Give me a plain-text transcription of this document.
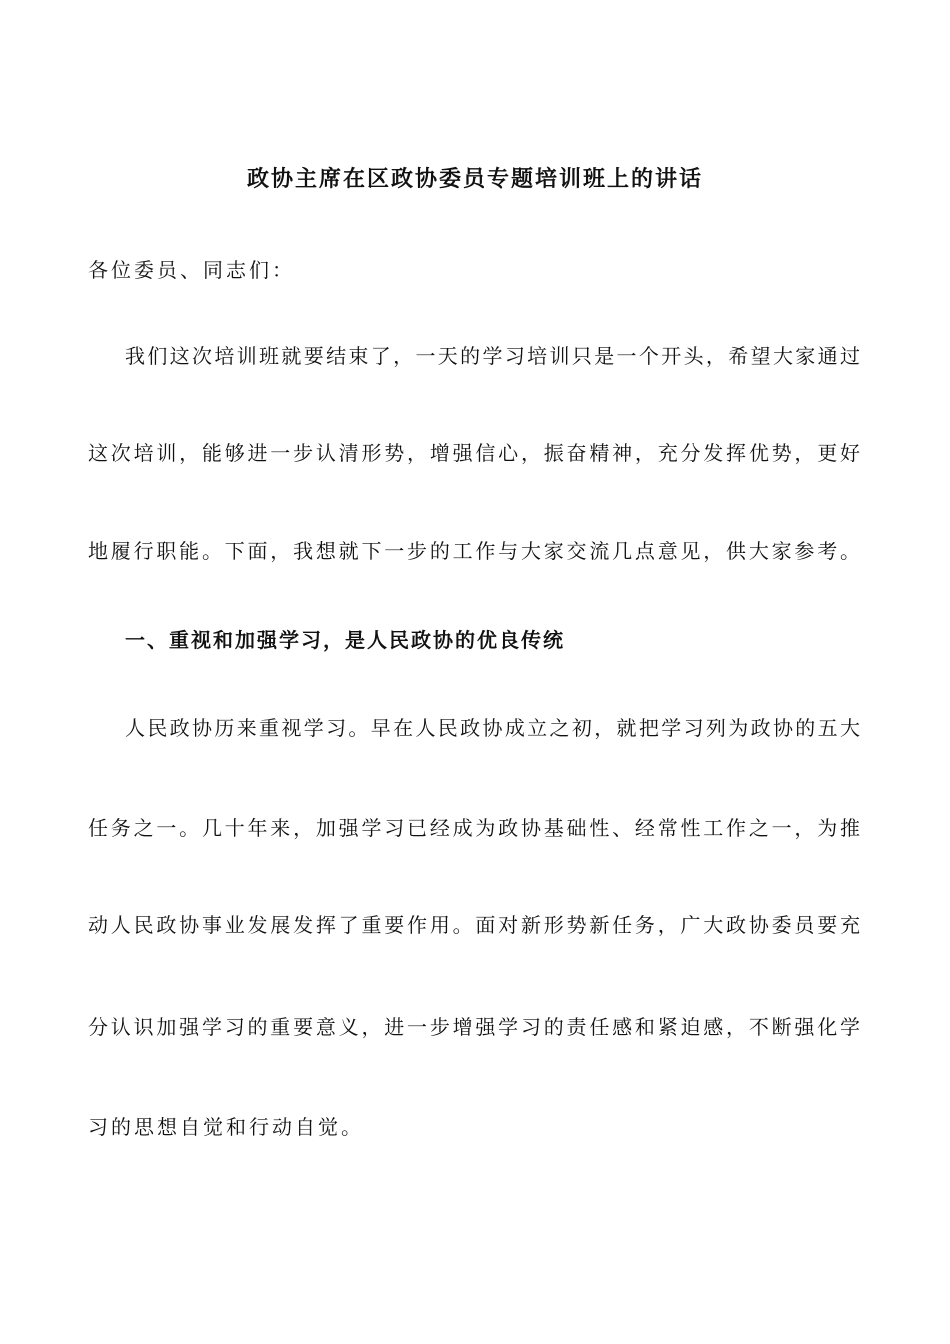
政协主席在区政协委员专题培训班上的讲话
各位委员、同志们：
我们这次培训班就要结束了，一天的学习培训只是一个开头，希望大家通过
这次培训，能够进一步认清形势，增强信心，振奋精神，充分发挥优势，更好
地履行职能。下面，我想就下一步的工作与大家交流几点意见，供大家参考。
一、重视和加强学习，是人民政协的优良传统
人民政协历来重视学习。早在人民政协成立之初，就把学习列为政协的五大
任务之一。几十年来，加强学习已经成为政协基础性、经常性工作之一，为推
动人民政协事业发展发挥了重要作用。面对新形势新任务，广大政协委员要充
分认识加强学习的重要意义，进一步增强学习的责任感和紧迫感，不断强化学
习的思想自觉和行动自觉。
